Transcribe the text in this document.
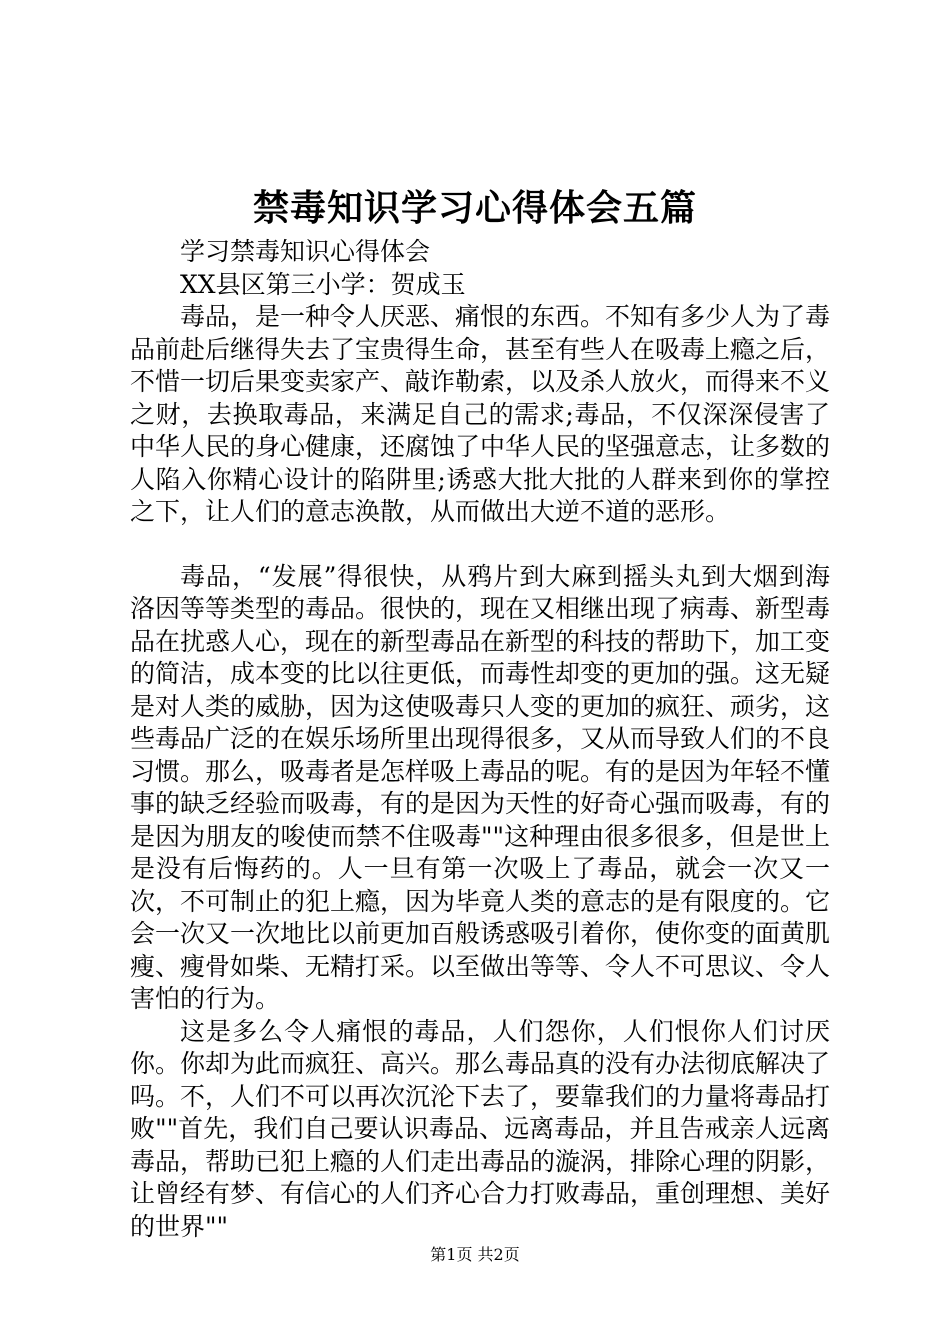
禁毒知识学习心得体会五篇

学习禁毒知识心得体会

XX县区第三小学：贺成玉

毒品，是一种令人厌恶、痛恨的东西。不知有多少人为了毒品前赴后继得失去了宝贵得生命，甚至有些人在吸毒上瘾之后，不惜一切后果变卖家产、敲诈勒索，以及杀人放火，而得来不义之财，去换取毒品，来满足自己的需求;毒品，不仅深深侵害了中华人民的身心健康，还腐蚀了中华人民的坚强意志，让多数的人陷入你精心设计的陷阱里;诱惑大批大批的人群来到你的掌控之下，让人们的意志涣散，从而做出大逆不道的恶形。

毒品，“发展”得很快，从鸦片到大麻到摇头丸到大烟到海洛因等等类型的毒品。很快的，现在又相继出现了病毒、新型毒品在扰惑人心，现在的新型毒品在新型的科技的帮助下，加工变的简洁，成本变的比以往更低，而毒性却变的更加的强。这无疑是对人类的威胁，因为这使吸毒只人变的更加的疯狂、顽劣，这些毒品广泛的在娱乐场所里出现得很多，又从而导致人们的不良习惯。那么，吸毒者是怎样吸上毒品的呢。有的是因为年轻不懂事的缺乏经验而吸毒，有的是因为天性的好奇心强而吸毒，有的是因为朋友的唆使而禁不住吸毒""这种理由很多很多，但是世上是没有后悔药的。人一旦有第一次吸上了毒品，就会一次又一次，不可制止的犯上瘾，因为毕竟人类的意志的是有限度的。它会一次又一次地比以前更加百般诱惑吸引着你，使你变的面黄肌瘦、瘦骨如柴、无精打采。以至做出等等、令人不可思议、令人害怕的行为。

这是多么令人痛恨的毒品，人们怨你，人们恨你人们讨厌你。你却为此而疯狂、高兴。那么毒品真的没有办法彻底解决了吗。不，人们不可以再次沉沦下去了，要靠我们的力量将毒品打败""首先，我们自己要认识毒品、远离毒品，并且告戒亲人远离毒品，帮助已犯上瘾的人们走出毒品的漩涡，排除心理的阴影，让曾经有梦、有信心的人们齐心合力打败毒品，重创理想、美好的世界""

第1页 共2页
